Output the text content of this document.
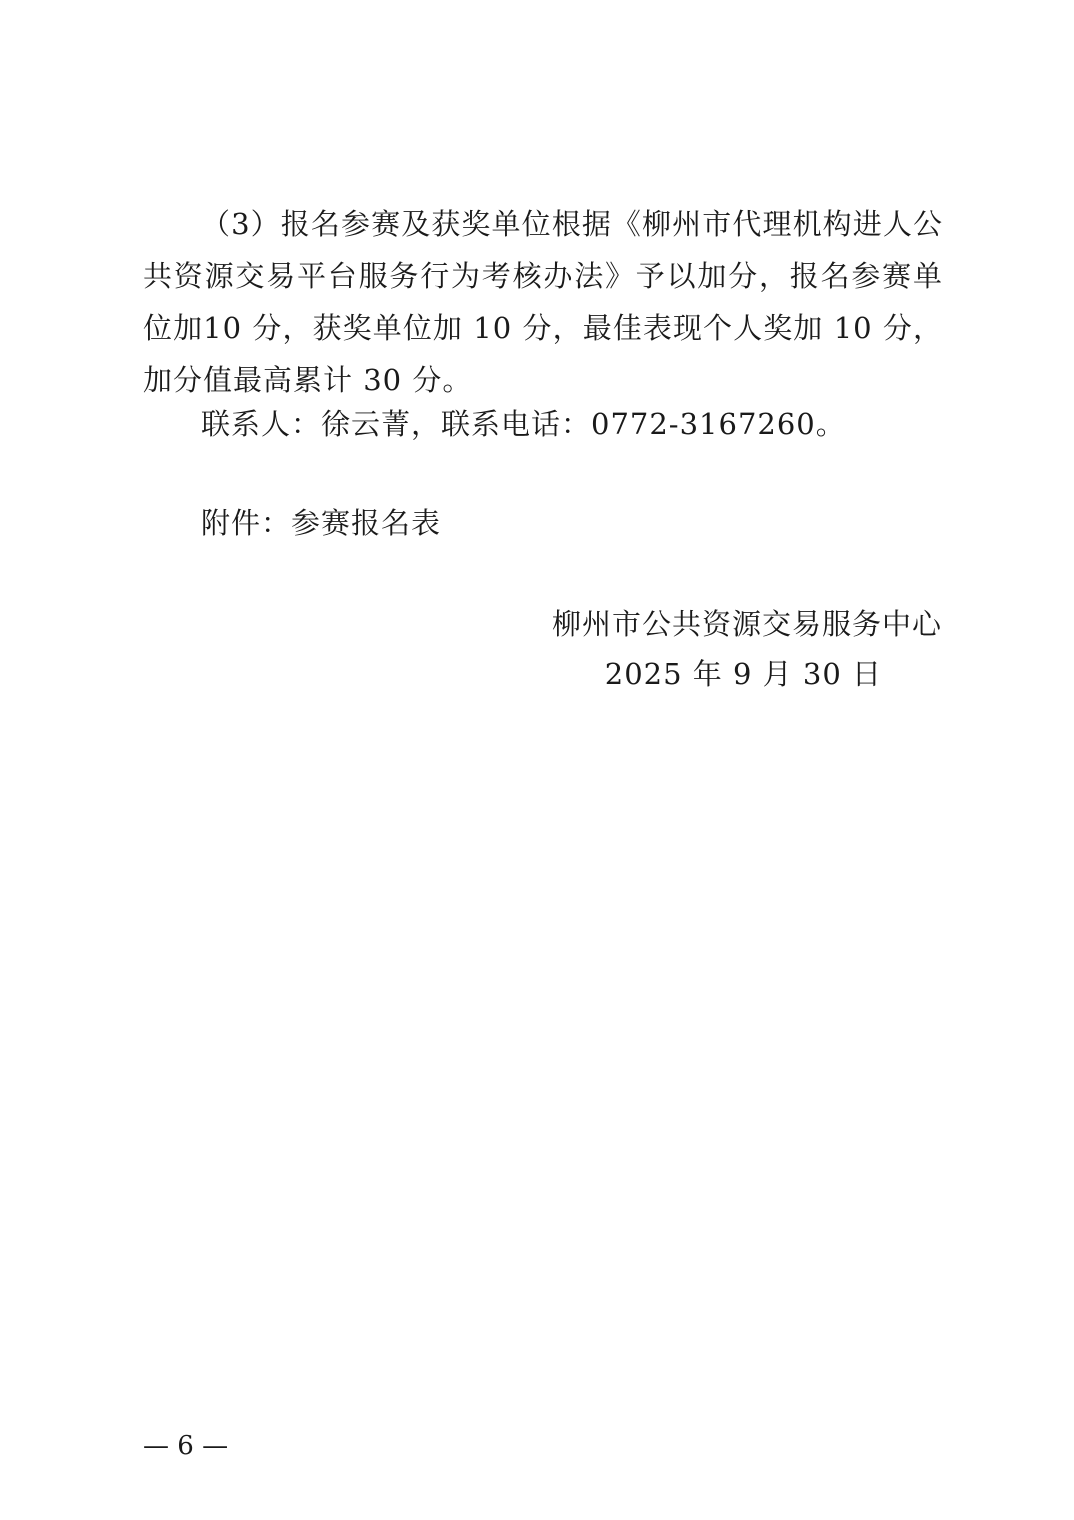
（3）报名参赛及获奖单位根据《柳州市代理机构进人公共资源交易平台服务行为考核办法》予以加分，报名参赛单位加10 分，获奖单位加 10 分，最佳表现个人奖加 10 分，加分值最高累计 30 分。

联系人：徐云菁，联系电话：0772-3167260。
附件：参赛报名表
柳州市公共资源交易服务中心
2025 年 9 月 30 日
— 6 —
